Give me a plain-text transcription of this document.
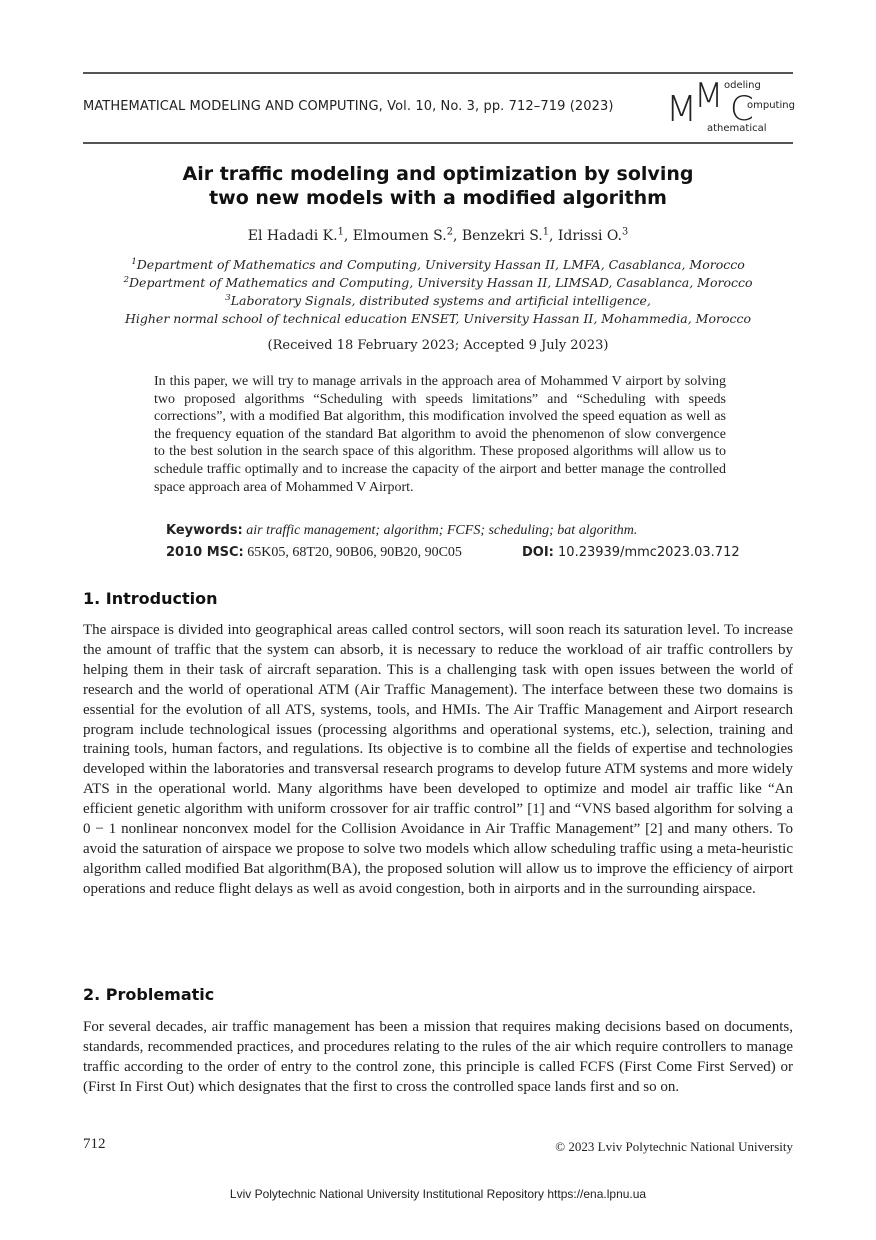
MATHEMATICAL MODELING AND COMPUTING, Vol. 10, No. 3, pp. 712–719 (2023) M
M C
odeling
omputing
athematical
Air traffic modeling and optimization by solving
two new models with a modified algorithm
El Hadadi K.$^1$, Elmoumen S.$^2$, Benzekri S.$^1$, Idrissi O.$^3$
$^1$Department of Mathematics and Computing, University Hassan II, LMFA, Casablanca, Morocco
$^2$Department of Mathematics and Computing, University Hassan II, LIMSAD, Casablanca, Morocco
$^3$Laboratory Signals, distributed systems and artificial intelligence,
Higher normal school of technical education ENSET, University Hassan II, Mohammedia, Morocco
(Received 18 February 2023; Accepted 9 July 2023)
In this paper, we will try to manage arrivals in the approach area of Mohammed V airport by solving two proposed algorithms “Scheduling with speeds limitations” and “Scheduling with speeds corrections”, with a modified Bat algorithm, this modification involved the speed equation as well as the frequency equation of the standard Bat algorithm to avoid the phenomenon of slow convergence to the best solution in the search space of this algorithm. These proposed algorithms will allow us to schedule traffic optimally and to increase the capacity of the airport and better manage the controlled space approach area of Mohammed V Airport.
Keywords: air traffic management; algorithm; FCFS; scheduling; bat algorithm.
2010 MSC: 65K05, 68T20, 90B06, 90B20, 90C05	DOI: 10.23939/mmc2023.03.712
1. Introduction
The airspace is divided into geographical areas called control sectors, will soon reach its saturation level. To increase the amount of traffic that the system can absorb, it is necessary to reduce the workload of air traffic controllers by helping them in their task of aircraft separation. This is a challenging task with open issues between the world of research and the world of operational ATM (Air Traffic Management). The interface between these two domains is essential for the evolution of all ATS, systems, tools, and HMIs. The Air Traffic Management and Airport research program include technological issues (processing algorithms and operational systems, etc.), selection, training and training tools, human factors, and regulations. Its objective is to combine all the fields of expertise and technologies developed within the laboratories and transversal research programs to develop future ATM systems and more widely ATS in the operational world. Many algorithms have been developed to optimize and model air traffic like “An efficient genetic algorithm with uniform crossover for air traffic control” [1] and “VNS based algorithm for solving a 0 − 1 nonlinear nonconvex model for the Collision Avoidance in Air Traffic Management” [2] and many others. To avoid the saturation of airspace we propose to solve two models which allow scheduling traffic using a meta-heuristic algorithm called modified Bat algorithm(BA), the proposed solution will allow us to improve the efficiency of airport operations and reduce flight delays as well as avoid congestion, both in airports and in the surrounding airspace.
2. Problematic
For several decades, air traffic management has been a mission that requires making decisions based on documents, standards, recommended practices, and procedures relating to the rules of the air which require controllers to manage traffic according to the order of entry to the control zone, this principle is called FCFS (First Come First Served) or (First In First Out) which designates that the first to cross the controlled space lands first and so on.
712	© 2023 Lviv Polytechnic National University
Lviv Polytechnic National University Institutional Repository https://ena.lpnu.ua
